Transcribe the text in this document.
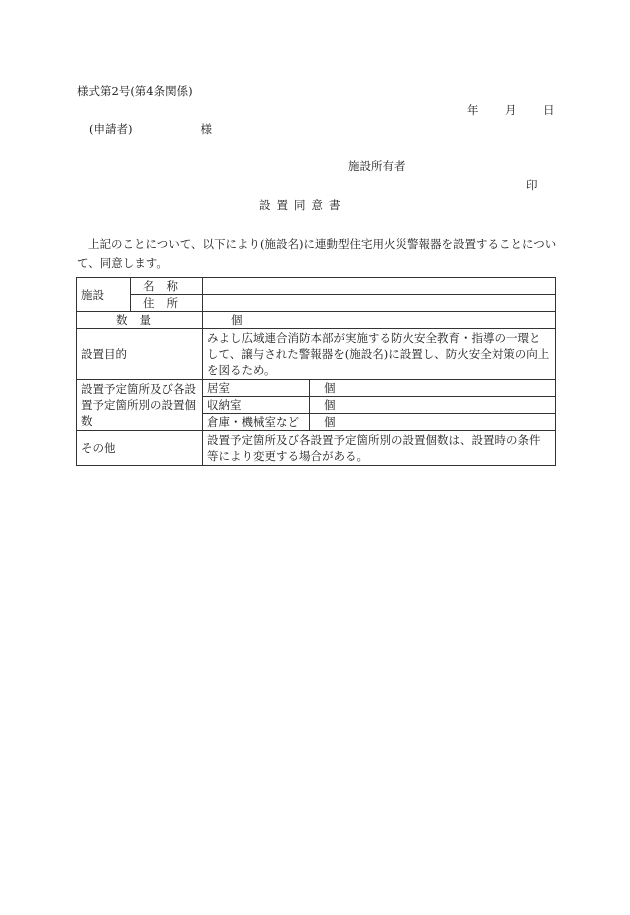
様式第2号(第4条関係)
年 月 日
(申請者)	様
施設所有者
印
設置同意書
上記のことについて、以下により(施設名)に連動型住宅用火災警報器を設置することについて、同意します。
施設	名称		
	住所		
数量		個	
設置目的		みよし広域連合消防本部が実施する防火安全教育・指導の一環として、譲与された警報器を(施設名)に設置し、防火安全対策の向上を図るため。	
設置予定箇所及び各設置予定箇所別の設置個数		居室	個
		収納室	個
		倉庫・機械室など	個
その他		設置予定箇所及び各設置予定箇所別の設置個数は、設置時の条件等により変更する場合がある。	
